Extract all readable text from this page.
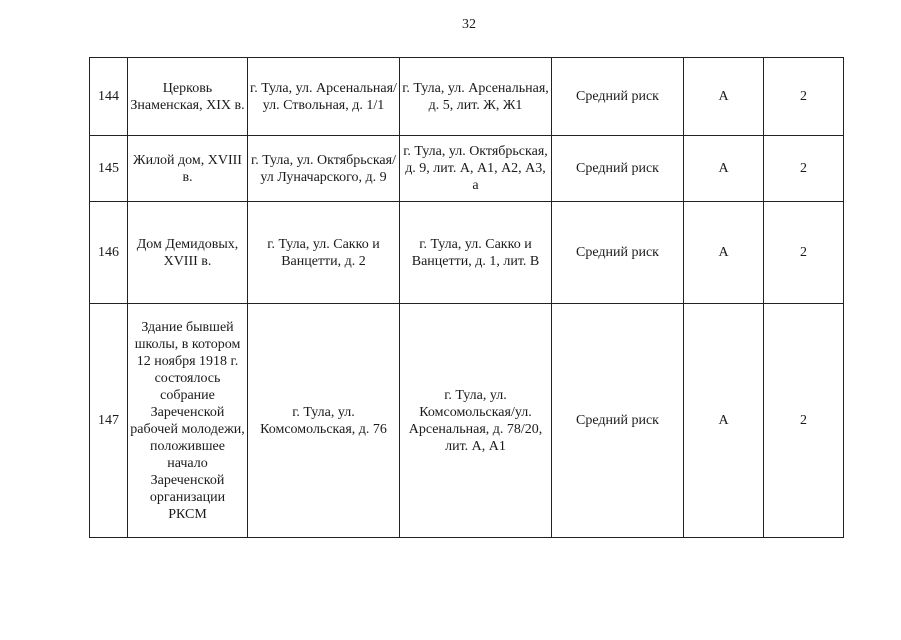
32
144	Церковь Знаменская, XIX в.	г. Тула, ул. Арсенальная/ул. Ствольная, д. 1/1	г. Тула, ул. Арсенальная, д. 5, лит. Ж, Ж1	Средний риск	А	2
145	Жилой дом, XVIII в.	г. Тула, ул. Октябрьская/ул Луначарского, д. 9	г. Тула, ул. Октябрьская, д. 9, лит. А, А1, А2, А3, а	Средний риск	А	2
146	Дом Демидовых, XVIII в.	г. Тула, ул. Сакко и Ванцетти, д. 2	г. Тула, ул. Сакко и Ванцетти, д. 1, лит. В	Средний риск	А	2
147	Здание бывшей школы, в котором 12 ноября 1918 г. состоялось собрание Зареченской рабочей молодежи, положившее начало Зареченской организации РКСМ	г. Тула, ул. Комсомольская, д. 76	г. Тула, ул. Комсомольская/ул. Арсенальная, д. 78/20, лит. А, А1	Средний риск	А	2
